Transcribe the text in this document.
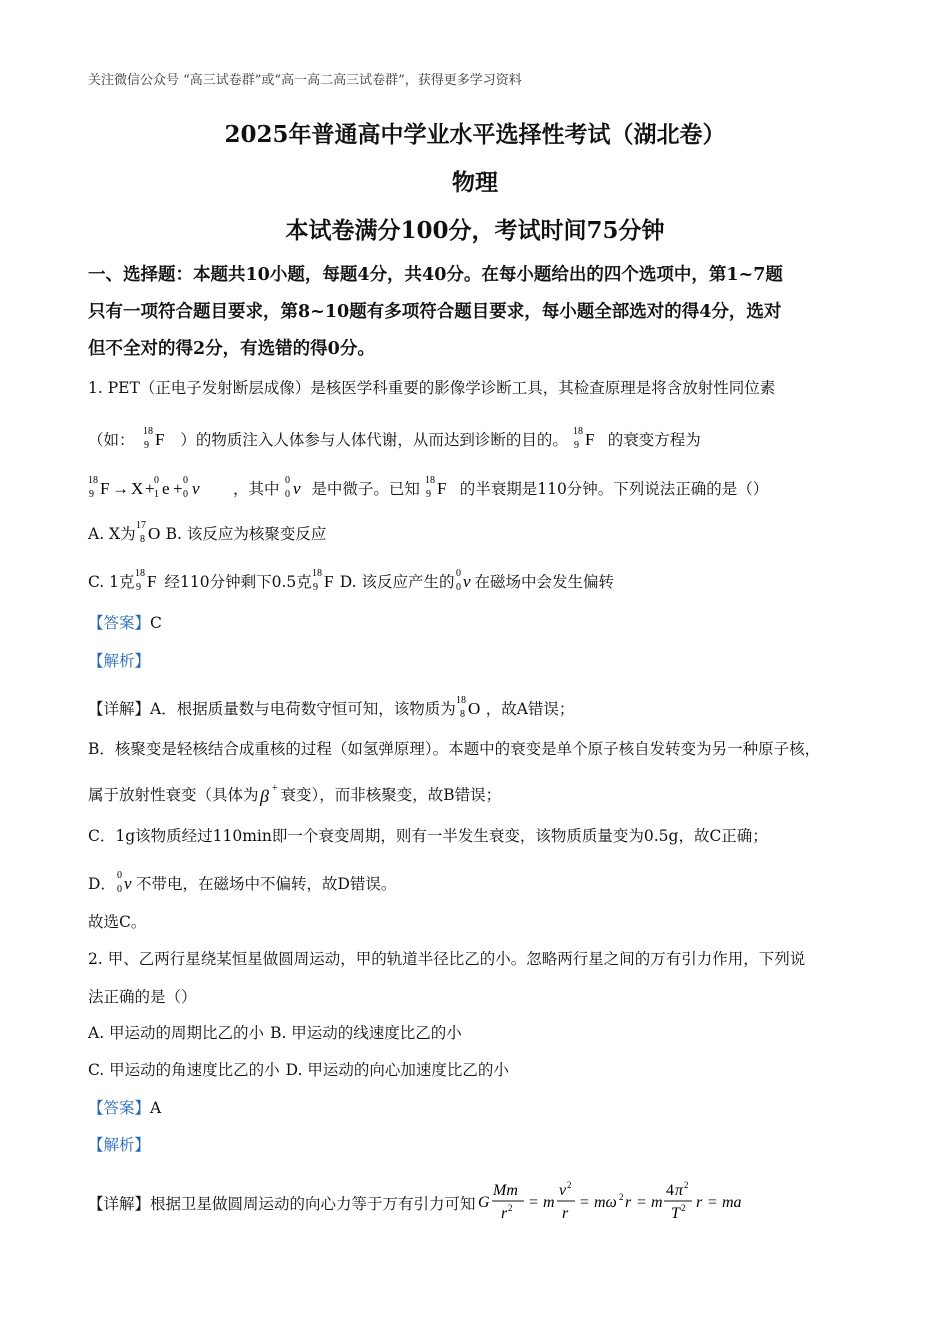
关注微信公众号 “高三试卷群”或“高一高二高三试卷群”，获得更多学习资料
2025年普通高中学业水平选择性考试（湖北卷）
物理
本试卷满分100分，考试时间75分钟
一、选择题：本题共10小题，每题4分，共40分。在每小题给出的四个选项中，第1~7题
只有一项符合题目要求，第8~10题有多项符合题目要求，每小题全部选对的得4分，选对
但不全对的得2分，有选错的得0分。
1. PET（正电子发射断层成像）是核医学科重要的影像学诊断工具，其检查原理是将含放射性同位素
（如： 18
9 F ）的物质注入人体参与人体代谢，从而达到诊断的目的。 18
9 F 的衰变方程为
18
9 F → X + 0
1 e + 0
0 ν ，其中 0
0 ν 是中微子。已知 18
9 F 的半衰期是110分钟。下列说法正确的是（）
A. X为 17
8 O B. 该反应为核聚变反应
C. 1克 18
9 F 经110分钟剩下0.5克 18
9 F D. 该反应产生的 0
0 ν 在磁场中会发生偏转
【答案】C
【解析】
【详解】A．根据质量数与电荷数守恒可知，该物质为 18
8 O ，故A错误；
B．核聚变是轻核结合成重核的过程（如氢弹原理）。本题中的衰变是单个原子核自发转变为另一种原子核，
属于放射性衰变（具体为 β + 衰变），而非核聚变，故B错误；
C．1g该物质经过110min即一个衰变周期，则有一半发生衰变，该物质质量变为0.5g，故C正确；
D． 0
0 ν 不带电，在磁场中不偏转，故D错误。
故选C。
2. 甲、乙两行星绕某恒星做圆周运动，甲的轨道半径比乙的小。忽略两行星之间的万有引力作用，下列说
法正确的是（）
A. 甲运动的周期比乙的小 B. 甲运动的线速度比乙的小
C. 甲运动的角速度比乙的小 D. 甲运动的向心加速度比乙的小
【答案】A
【解析】
【详解】根据卫星做圆周运动的向心力等于万有引力可知 G
Mm
r 2 = m
v 2
r
= mω 2 r = m
4 π 2
T 2 r = ma
